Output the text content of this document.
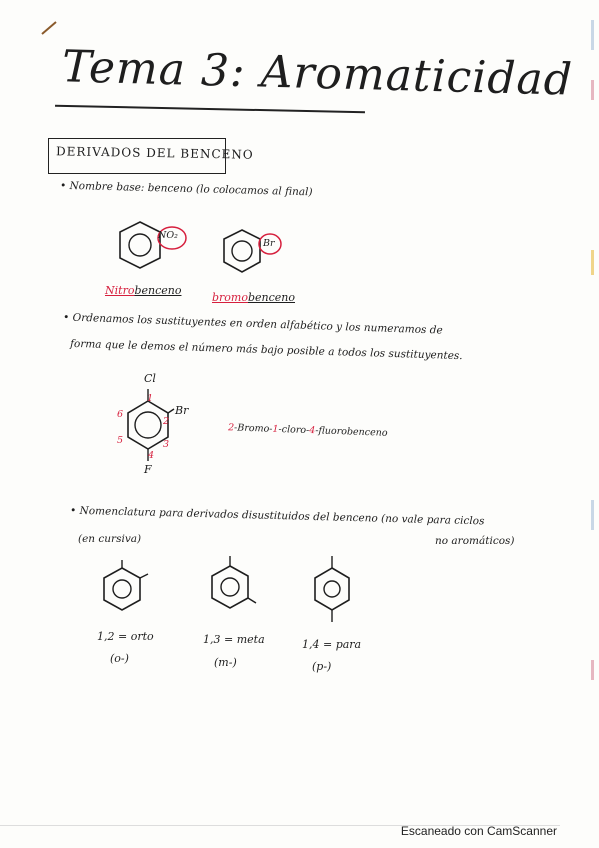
Tema 3: Aromaticidad
DERIVADOS DEL BENCENO
• Nombre base: benceno (lo colocamos al final)
NO₂
Nitrobenceno
Br
bromobenceno
• Ordenamos los sustituyentes en orden alfabético y los numeramos de
forma que le demos el número más bajo posible a todos los sustituyentes.
Cl
Br
F
1
2
3
4
5
6
2-Bromo-1-cloro-4-fluorobenceno
• Nomenclatura para derivados disustituidos del benceno (no vale para ciclos
(en cursiva)	no aromáticos)
1,2 = orto
(o-)
1,3 = meta
(m-)
1,4 = para
(p-)
Escaneado con CamScanner
